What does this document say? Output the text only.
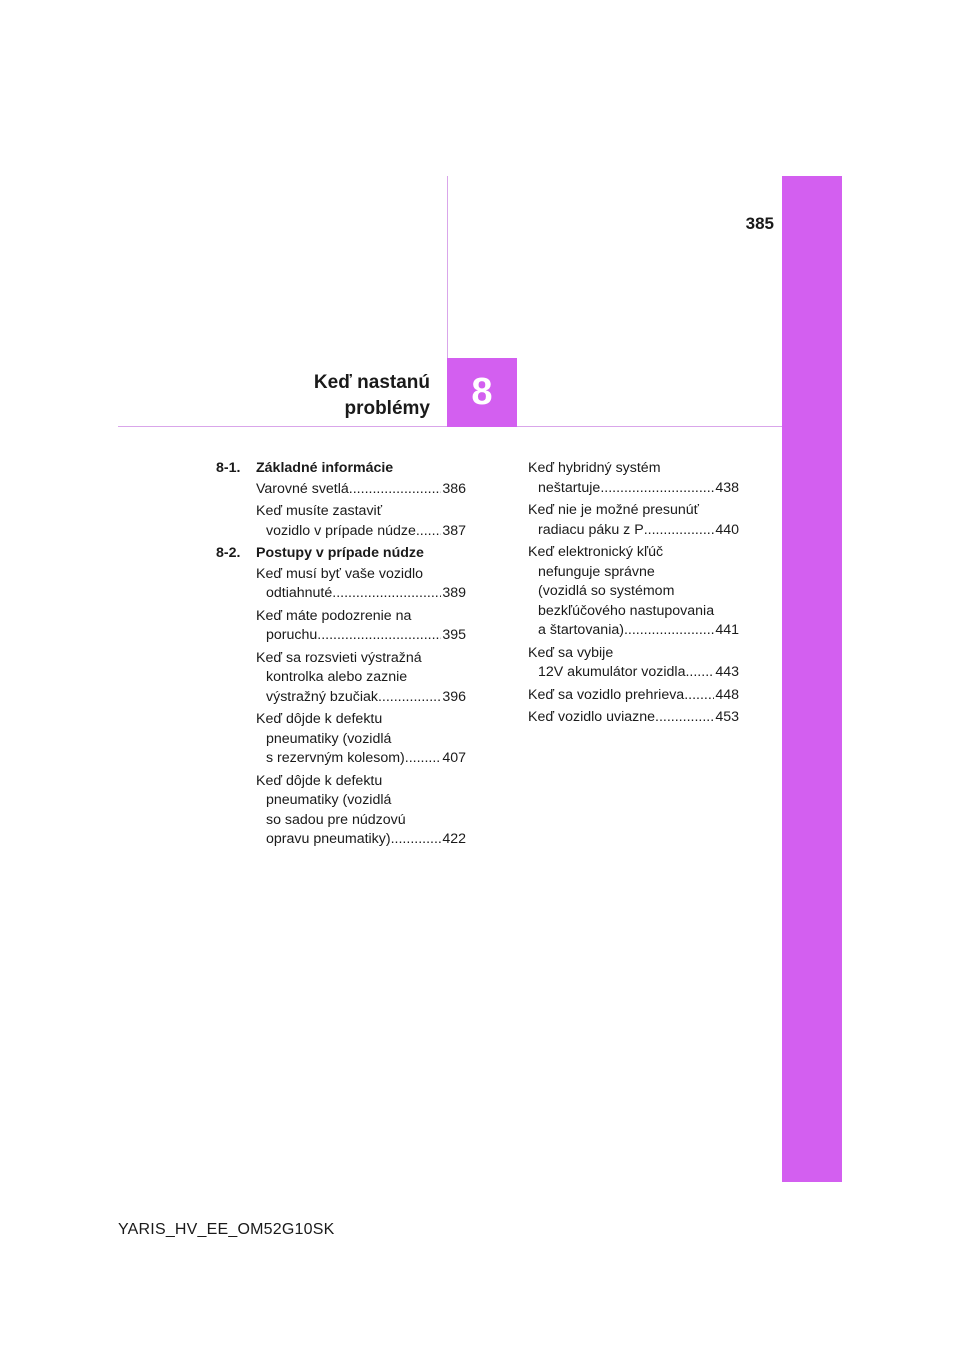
385
Keď nastanú
problémy 8
8-1.	Základné informácie
Varovné svetlá .....	386
Keď musíte zastaviť
vozidlo v prípade núdze ..... 387
8-2.	Postupy v prípade núdze
Keď musí byť vaše vozidlo
odtiahnuté .....	389
Keď máte podozrenie na
poruchu .....	395
Keď sa rozsvieti výstražná
kontrolka alebo zaznie
výstražný bzučiak .....	396
Keď dôjde k defektu
pneumatiky (vozidlá
s rezervným kolesom) .....	407
Keď dôjde k defektu
pneumatiky (vozidlá
so sadou pre núdzovú
opravu pneumatiky) .....	422
Keď hybridný systém
neštartuje .....	438
Keď nie je možné presunúť
radiacu páku z P .....	440
Keď elektronický kľúč
nefunguje správne
(vozidlá so systémom
bezkľúčového nastupovania
a štartovania) .....	441
Keď sa vybije
12V akumulátor vozidla ..... 443
Keď sa vozidlo prehrieva ..... 448
Keď vozidlo uviazne .....	453
YARIS_HV_EE_OM52G10SK
